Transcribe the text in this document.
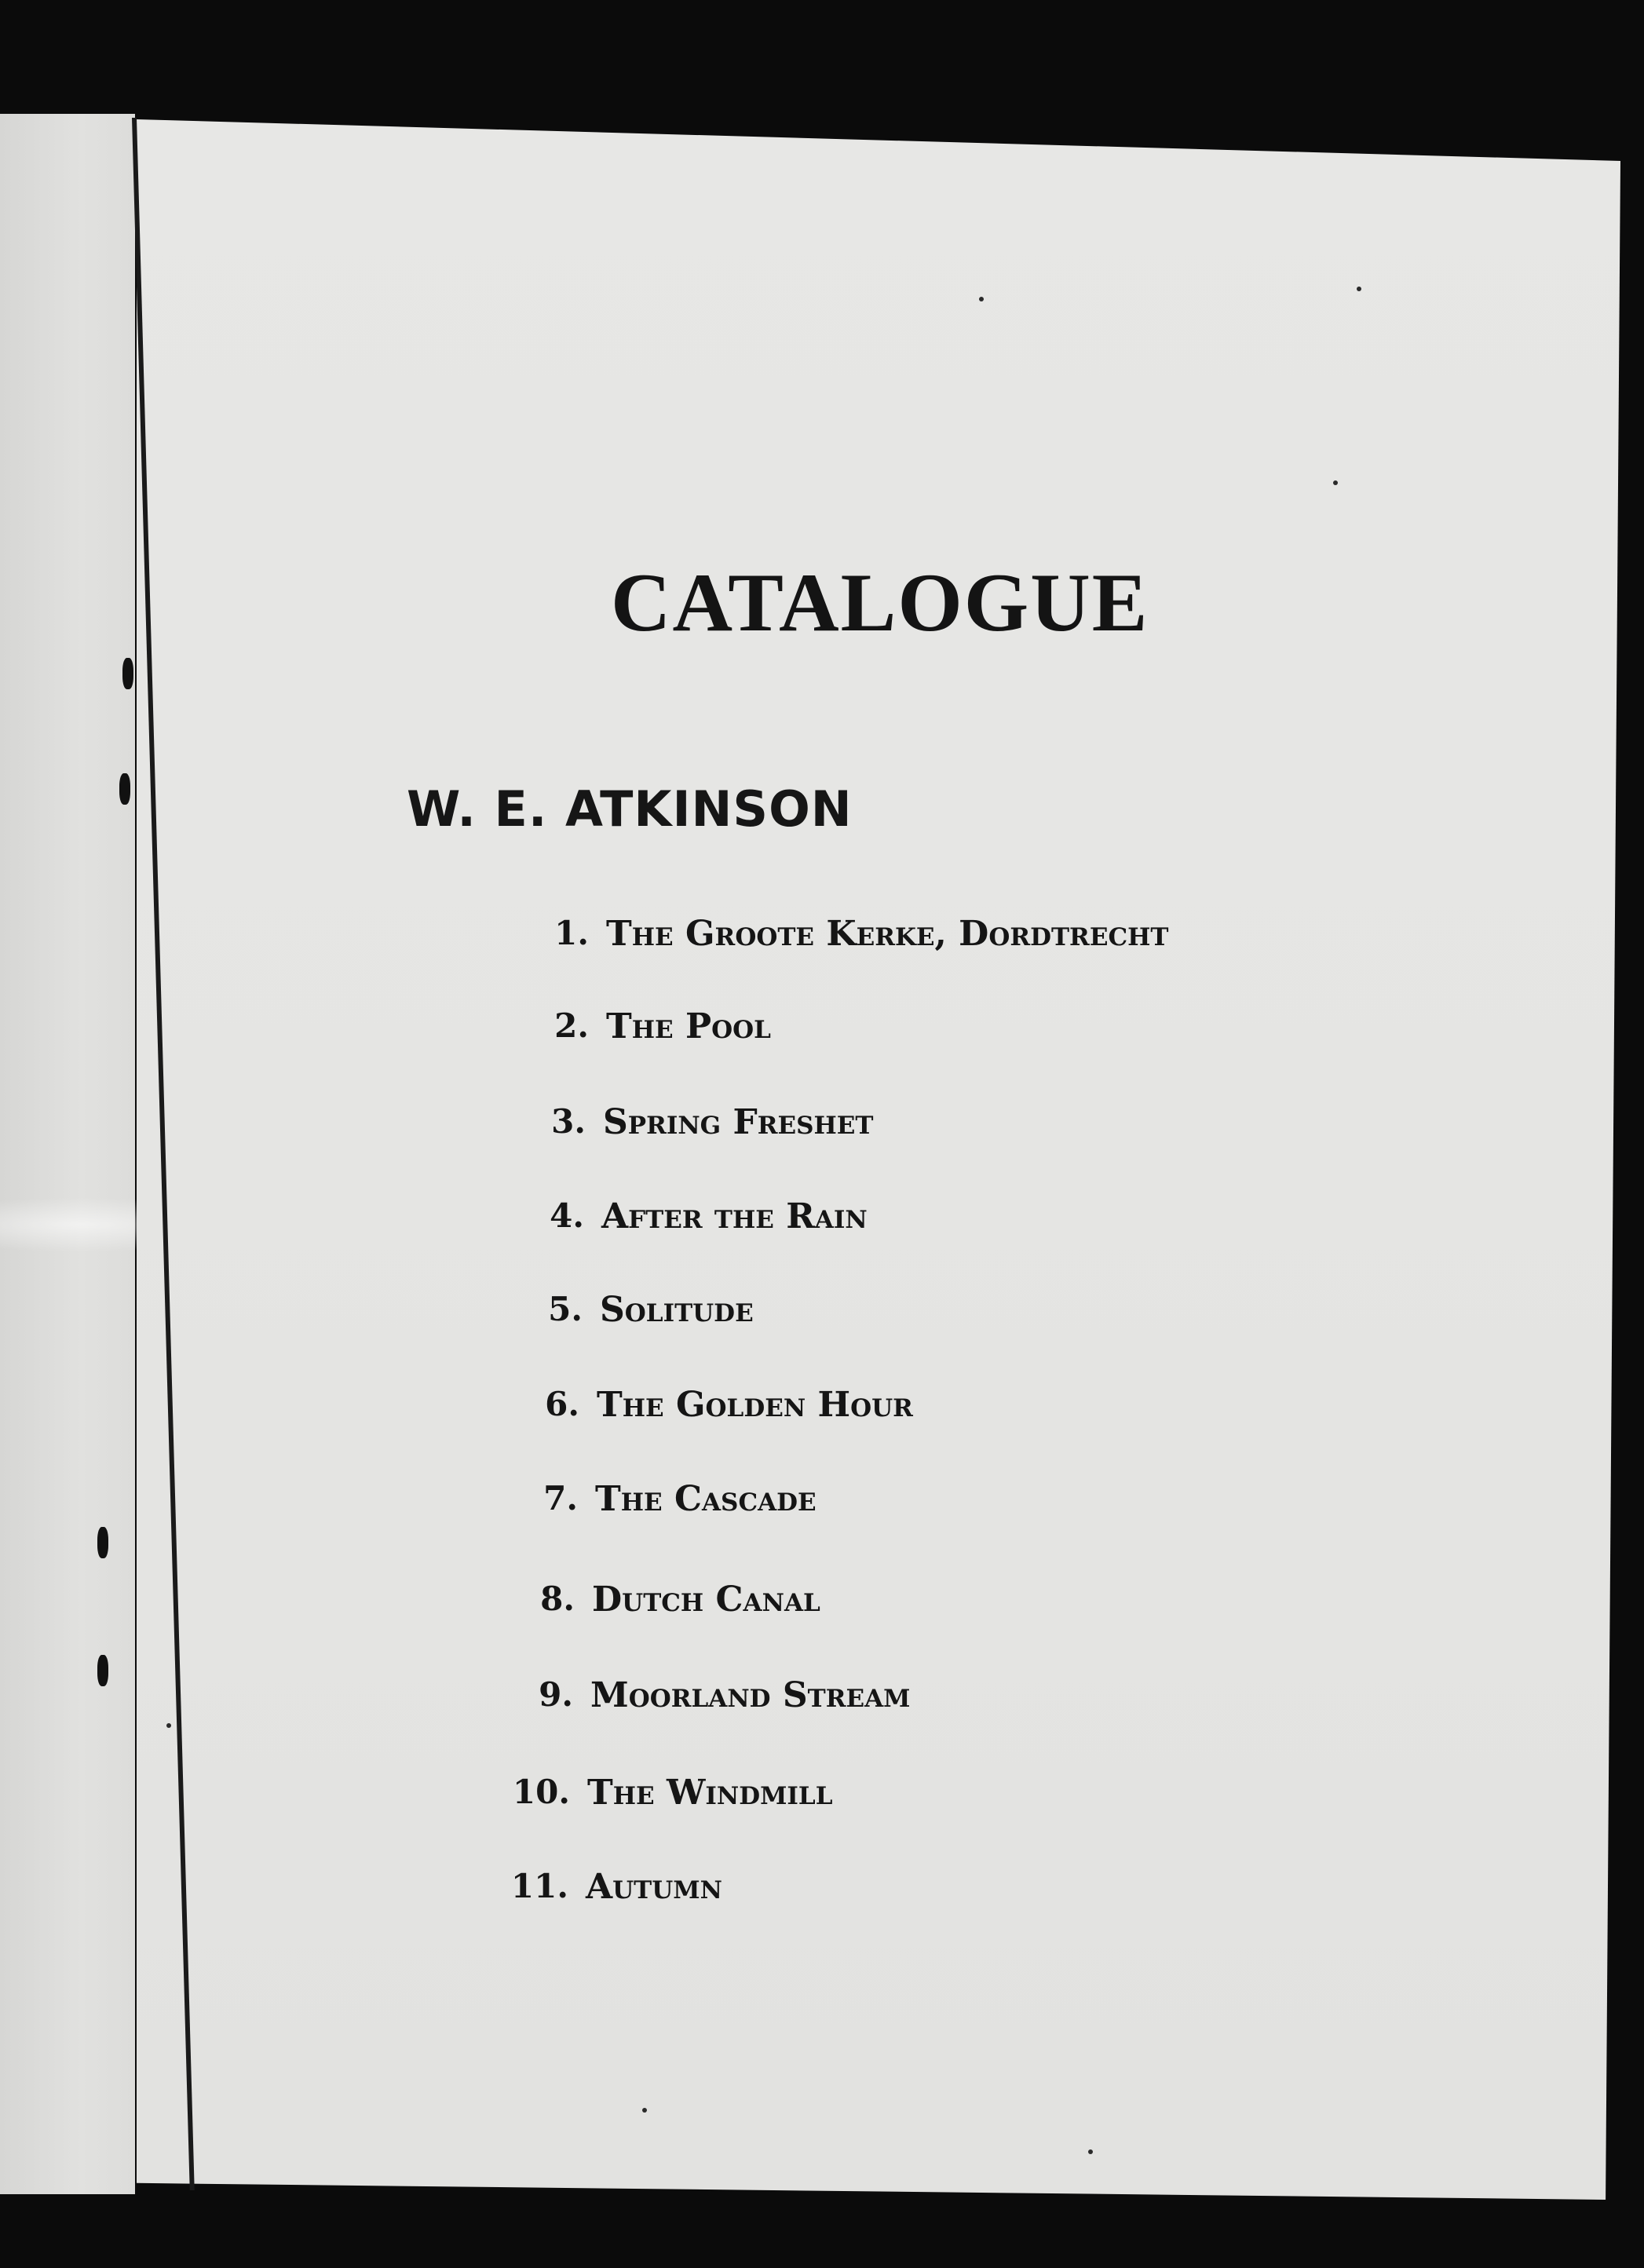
CATALOGUE
W. E. ATKINSON
1. The Groote Kerke, Dordtrecht
2. The Pool
3. Spring Freshet
4. After the Rain
5. Solitude
6. The Golden Hour
7. The Cascade
8. Dutch Canal
9. Moorland Stream
10. The Windmill
11. Autumn
